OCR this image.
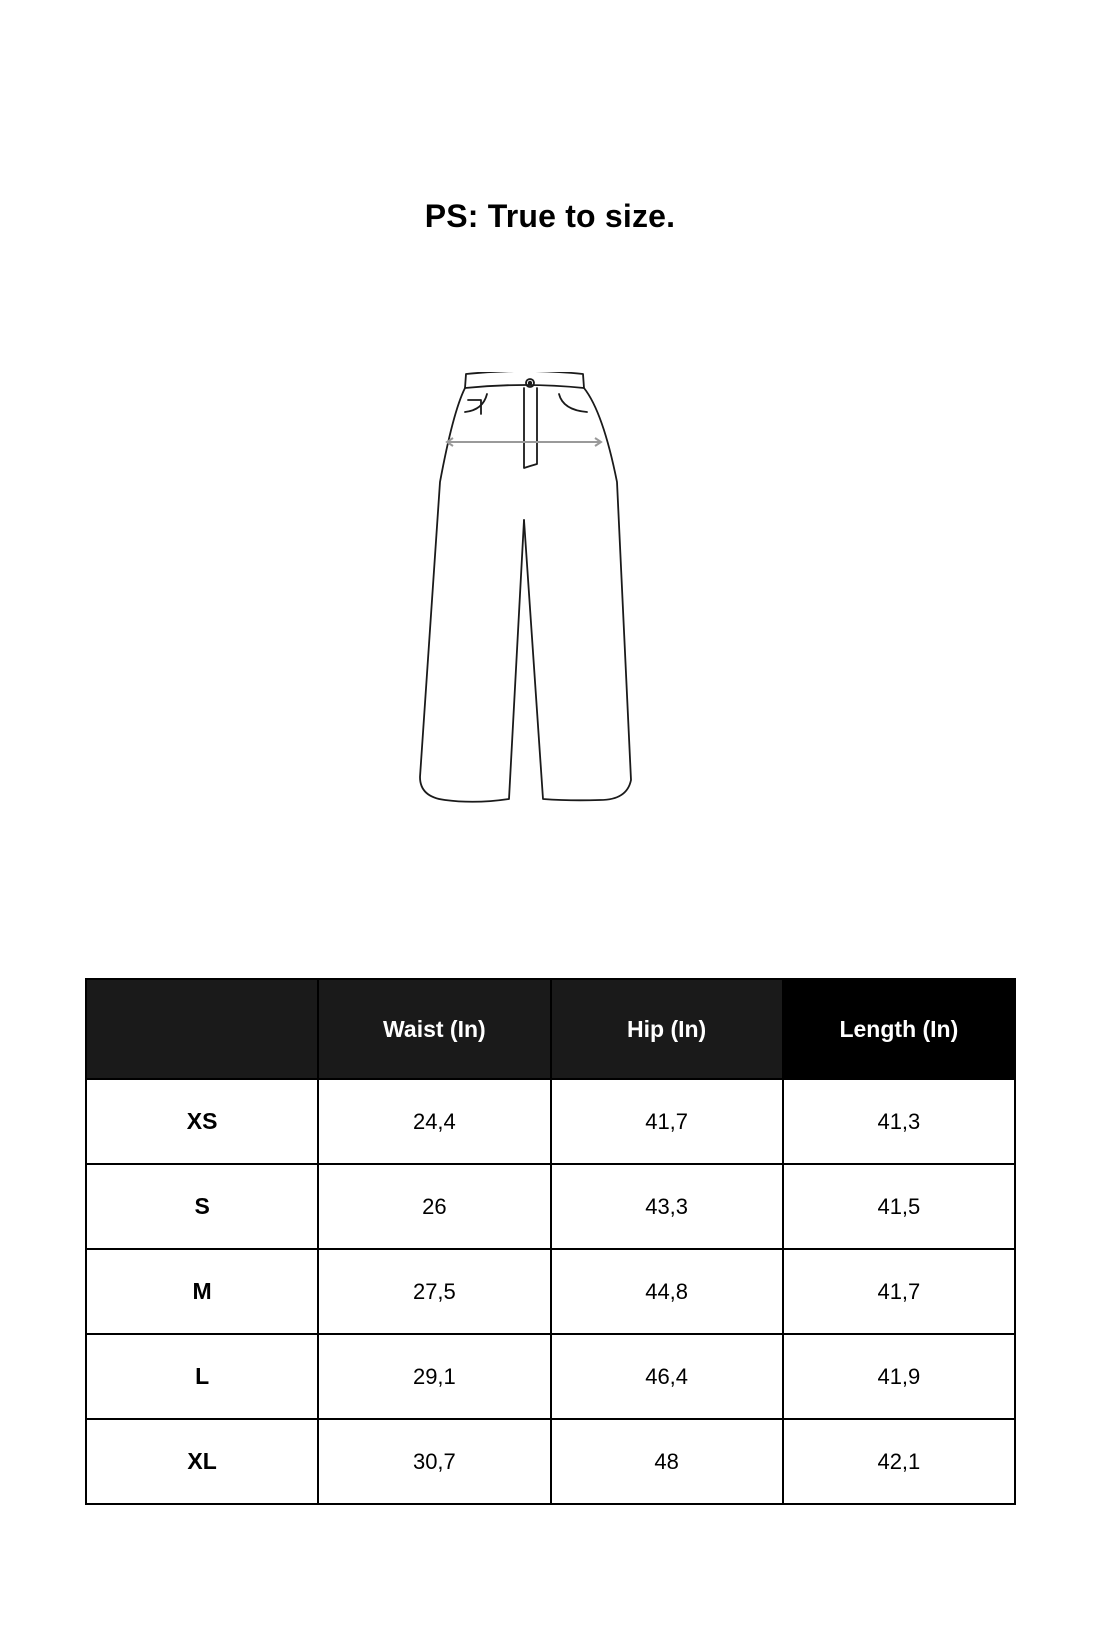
PS: True to size.
	Waist (In)	Hip (In)	Length (In)
XS	24,4	41,7	41,3
S	26	43,3	41,5
M	27,5	44,8	41,7
L	29,1	46,4	41,9
XL	30,7	48	42,1
